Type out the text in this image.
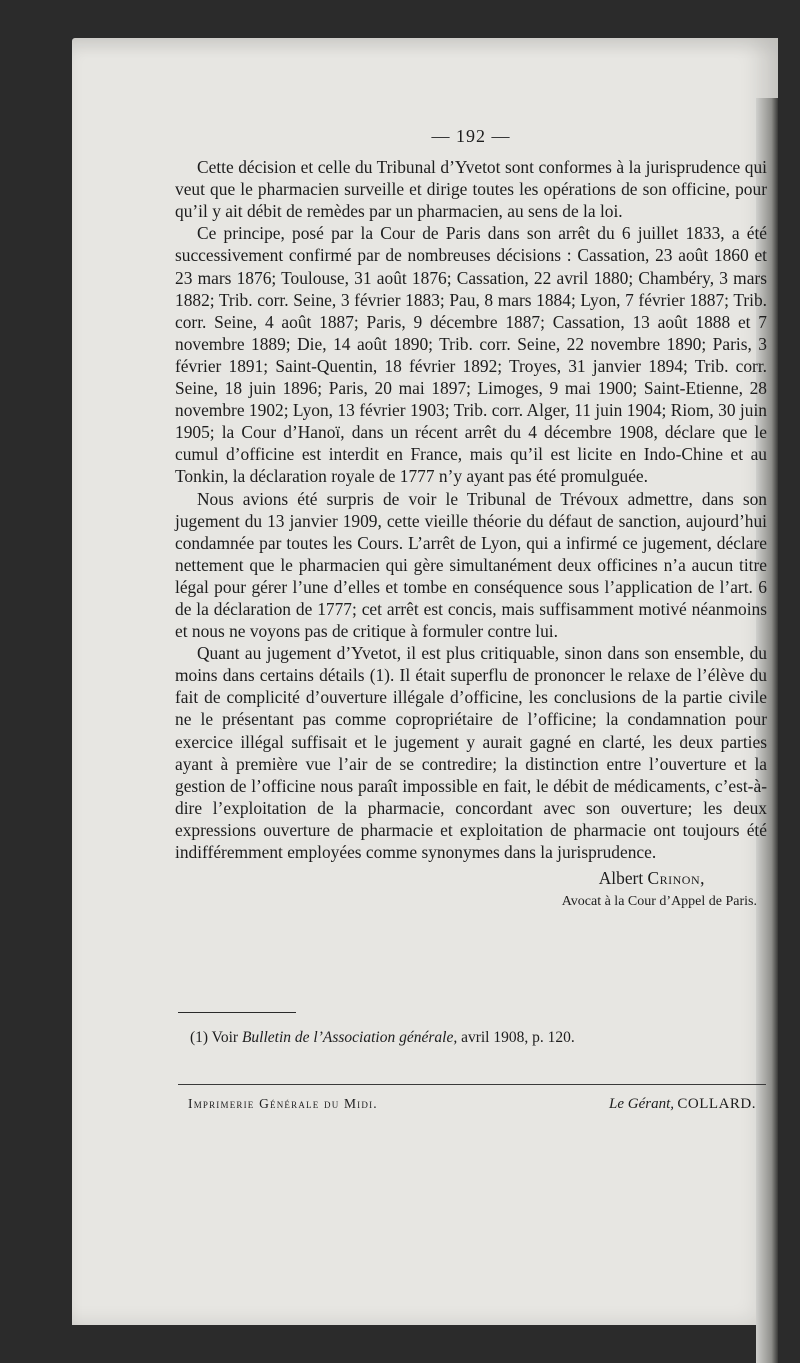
— 192 —

Cette décision et celle du Tribunal d’Yvetot sont conformes à la jurisprudence qui veut que le pharmacien surveille et dirige toutes les opérations de son officine, pour qu’il y ait débit de remèdes par un pharmacien, au sens de la loi.

Ce principe, posé par la Cour de Paris dans son arrêt du 6 juillet 1833, a été successivement confirmé par de nombreuses décisions : Cassation, 23 août 1860 et 23 mars 1876; Toulouse, 31 août 1876; Cassation, 22 avril 1880; Chambéry, 3 mars 1882; Trib. corr. Seine, 3 février 1883; Pau, 8 mars 1884; Lyon, 7 février 1887; Trib. corr. Seine, 4 août 1887; Paris, 9 décembre 1887; Cassation, 13 août 1888 et 7 novembre 1889; Die, 14 août 1890; Trib. corr. Seine, 22 novembre 1890; Paris, 3 février 1891; Saint-Quentin, 18 février 1892; Troyes, 31 janvier 1894; Trib. corr. Seine, 18 juin 1896; Paris, 20 mai 1897; Limoges, 9 mai 1900; Saint-Etienne, 28 novembre 1902; Lyon, 13 février 1903; Trib. corr. Alger, 11 juin 1904; Riom, 30 juin 1905; la Cour d’Hanoï, dans un récent arrêt du 4 décembre 1908, déclare que le cumul d’officine est interdit en France, mais qu’il est licite en Indo-Chine et au Tonkin, la déclaration royale de 1777 n’y ayant pas été promulguée.

Nous avions été surpris de voir le Tribunal de Trévoux admettre, dans son jugement du 13 janvier 1909, cette vieille théorie du défaut de sanction, aujourd’hui condamnée par toutes les Cours. L’arrêt de Lyon, qui a infirmé ce jugement, déclare nettement que le pharmacien qui gère simultanément deux officines n’a aucun titre légal pour gérer l’une d’elles et tombe en conséquence sous l’application de l’art. 6 de la déclaration de 1777; cet arrêt est concis, mais suffisamment motivé néanmoins et nous ne voyons pas de critique à formuler contre lui.

Quant au jugement d’Yvetot, il est plus critiquable, sinon dans son ensemble, du moins dans certains détails (1). Il était superflu de prononcer le relaxe de l’élève du fait de complicité d’ouverture illégale d’officine, les conclusions de la partie civile ne le présentant pas comme copropriétaire de l’officine; la condamnation pour exercice illégal suffisait et le jugement y aurait gagné en clarté, les deux parties ayant à première vue l’air de se contredire; la distinction entre l’ouverture et la gestion de l’officine nous paraît impossible en fait, le débit de médicaments, c’est-à-dire l’exploitation de la pharmacie, concordant avec son ouverture; les deux expressions ouverture de pharmacie et exploitation de pharmacie ont toujours été indifféremment employées comme synonymes dans la jurisprudence.

Albert Crinon,
Avocat à la Cour d’Appel de Paris.
(1) Voir Bulletin de l’Association générale, avril 1908, p. 120.
Imprimerie Générale du Midi.	Le Gérant, COLLARD.
